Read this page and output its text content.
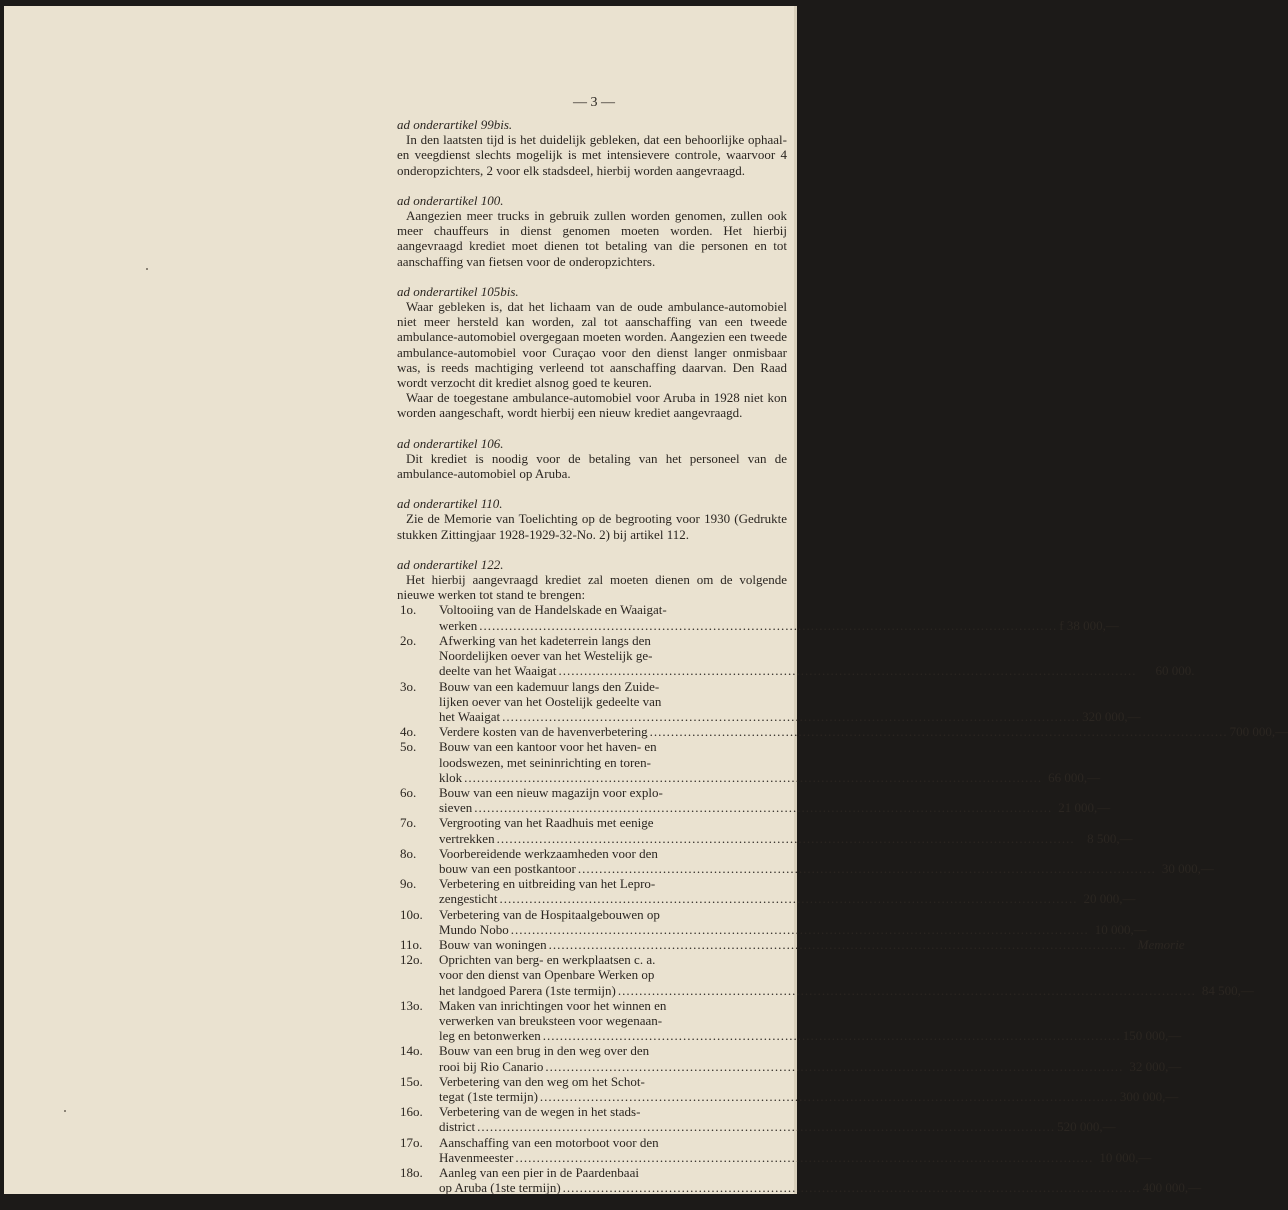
— 3 —
ad onderartikel 99bis.
In den laatsten tijd is het duidelijk gebleken, dat een behoorlijke ophaal- en veegdienst slechts mogelijk is met intensievere controle, waarvoor 4 onderopzichters, 2 voor elk stadsdeel, hierbij worden aangevraagd.
ad onderartikel 100.
Aangezien meer trucks in gebruik zullen worden genomen, zullen ook meer chauffeurs in dienst genomen moeten worden. Het hierbij aangevraagd krediet moet dienen tot betaling van die personen en tot aanschaffing van fietsen voor de onderopzichters.
ad onderartikel 105bis.
Waar gebleken is, dat het lichaam van de oude ambulance-automobiel niet meer hersteld kan worden, zal tot aanschaffing van een tweede ambulance-automobiel overgegaan moeten worden. Aangezien een tweede ambulance-automobiel voor Curaçao voor den dienst langer onmisbaar was, is reeds machtiging verleend tot aanschaffing daarvan. Den Raad wordt verzocht dit krediet alsnog goed te keuren.
Waar de toegestane ambulance-automobiel voor Aruba in 1928 niet kon worden aangeschaft, wordt hierbij een nieuw krediet aangevraagd.
ad onderartikel 106.
Dit krediet is noodig voor de betaling van het personeel van de ambulance-automobiel op Aruba.
ad onderartikel 110.
Zie de Memorie van Toelichting op de begrooting voor 1930 (Gedrukte stukken Zittingjaar 1928-1929-32-No. 2) bij artikel 112.
ad onderartikel 122.
Het hierbij aangevraagd krediet zal moeten dienen om de volgende nieuwe werken tot stand te brengen:
1o.	Voltooiing van de Handelskade en Waaigat-
werken .....	f 38 000,—
2o.	Afwerking van het kadeterrein langs den
Noordelijken oever van het Westelijk ge-
deelte van het Waaigat .....	60 000.
3o.	Bouw van een kademuur langs den Zuide-
lijken oever van het Oostelijk gedeelte van
het Waaigat .....	320 000,—
4o.	Verdere kosten van de havenverbetering .....	700 000,—
5o.	Bouw van een kantoor voor het haven- en
loodswezen, met seininrichting en toren-
klok .....	66 000,—
6o.	Bouw van een nieuw magazijn voor explo-
sieven .....	21 000,—
7o.	Vergrooting van het Raadhuis met eenige
vertrekken .....	8 500,—
8o.	Voorbereidende werkzaamheden voor den
bouw van een postkantoor .....	30 000,—
9o.	Verbetering en uitbreiding van het Lepro-
zengesticht .....	20 000,—
10o.	Verbetering van de Hospitaalgebouwen op
Mundo Nobo .....	10 000,—
11o.	Bouw van woningen .....	Memorie
12o.	Oprichten van berg- en werkplaatsen c. a.
voor den dienst van Openbare Werken op
het landgoed Parera (1ste termijn) .....	84 500,—
13o.	Maken van inrichtingen voor het winnen en
verwerken van breuksteen voor wegenaan-
leg en betonwerken .....	150 000,—
14o.	Bouw van een brug in den weg over den
rooi bij Rio Canario .....	32 000,—
15o.	Verbetering van den weg om het Schot-
tegat (1ste termijn) .....	300 000,—
16o.	Verbetering van de wegen in het stads-
district .....	520 000,—
17o.	Aanschaffing van een motorboot voor den
Havenmeester .....	10 000,—
18o.	Aanleg van een pier in de Paardenbaai
op Aruba (1ste termijn) .....	400 000,—
